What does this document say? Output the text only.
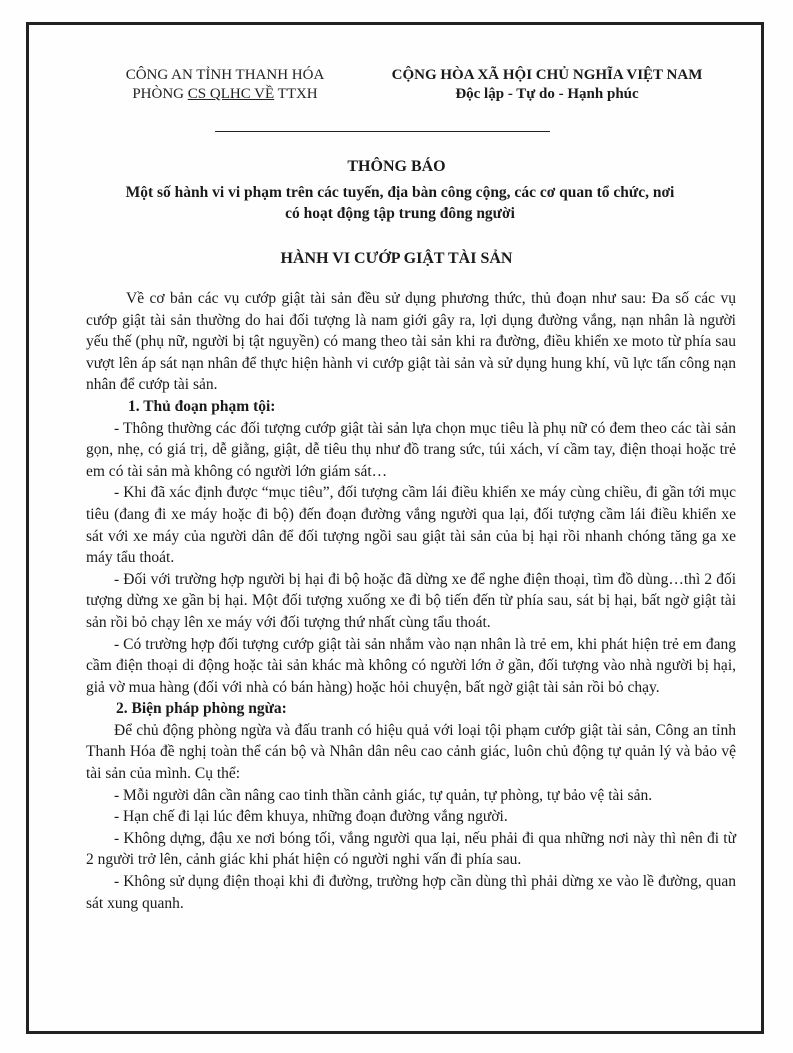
CÔNG AN TỈNH THANH HÓA
PHÒNG CS QLHC VỀ TTXH
CỘNG HÒA XÃ HỘI CHỦ NGHĨA VIỆT NAM
Độc lập - Tự do - Hạnh phúc
THÔNG BÁO
Một số hành vi vi phạm trên các tuyến, địa bàn công cộng, các cơ quan tổ chức, nơi có hoạt động tập trung đông người
HÀNH VI CƯỚP GIẬT TÀI SẢN

Về cơ bản các vụ cướp giật tài sản đều sử dụng phương thức, thủ đoạn như sau: Đa số các vụ cướp giật tài sản thường do hai đối tượng là nam giới gây ra, lợi dụng đường vắng, nạn nhân là người yếu thế (phụ nữ, người bị tật nguyền) có mang theo tài sản khi ra đường, điều khiển xe moto từ phía sau vượt lên áp sát nạn nhân để thực hiện hành vi cướp giật tài sản và sử dụng hung khí, vũ lực tấn công nạn nhân để cướp tài sản.

1. Thủ đoạn phạm tội:

- Thông thường các đối tượng cướp giật tài sản lựa chọn mục tiêu là phụ nữ có đem theo các tài sản gọn, nhẹ, có giá trị, dễ giằng, giật, dễ tiêu thụ như đồ trang sức, túi xách, ví cầm tay, điện thoại hoặc trẻ em có tài sản mà không có người lớn giám sát…

- Khi đã xác định được “mục tiêu”, đối tượng cầm lái điều khiển xe máy cùng chiều, đi gần tới mục tiêu (đang đi xe máy hoặc đi bộ) đến đoạn đường vắng người qua lại, đối tượng cầm lái điều khiển xe sát với xe máy của người dân để đối tượng ngồi sau giật tài sản của bị hại rồi nhanh chóng tăng ga xe máy tẩu thoát.

- Đối với trường hợp người bị hại đi bộ hoặc đã dừng xe để nghe điện thoại, tìm đồ dùng…thì 2 đối tượng dừng xe gần bị hại. Một đối tượng xuống xe đi bộ tiến đến từ phía sau, sát bị hại, bất ngờ giật tài sản rồi bỏ chạy lên xe máy với đối tượng thứ nhất cùng tẩu thoát.

- Có trường hợp đối tượng cướp giật tài sản nhắm vào nạn nhân là trẻ em, khi phát hiện trẻ em đang cầm điện thoại di động hoặc tài sản khác mà không có người lớn ở gần, đối tượng vào nhà người bị hại, giả vờ mua hàng (đối với nhà có bán hàng) hoặc hỏi chuyện, bất ngờ giật tài sản rồi bỏ chạy.

2. Biện pháp phòng ngừa:

Để chủ động phòng ngừa và đấu tranh có hiệu quả với loại tội phạm cướp giật tài sản, Công an tỉnh Thanh Hóa đề nghị toàn thể cán bộ và Nhân dân nêu cao cảnh giác, luôn chủ động tự quản lý và bảo vệ tài sản của mình. Cụ thể:

- Mỗi người dân cần nâng cao tinh thần cảnh giác, tự quản, tự phòng, tự bảo vệ tài sản.

- Hạn chế đi lại lúc đêm khuya, những đoạn đường vắng người.

- Không dựng, đậu xe nơi bóng tối, vắng người qua lại, nếu phải đi qua những nơi này thì nên đi từ 2 người trở lên, cảnh giác khi phát hiện có người nghi vấn đi phía sau.

- Không sử dụng điện thoại khi đi đường, trường hợp cần dùng thì phải dừng xe vào lề đường, quan sát xung quanh.
